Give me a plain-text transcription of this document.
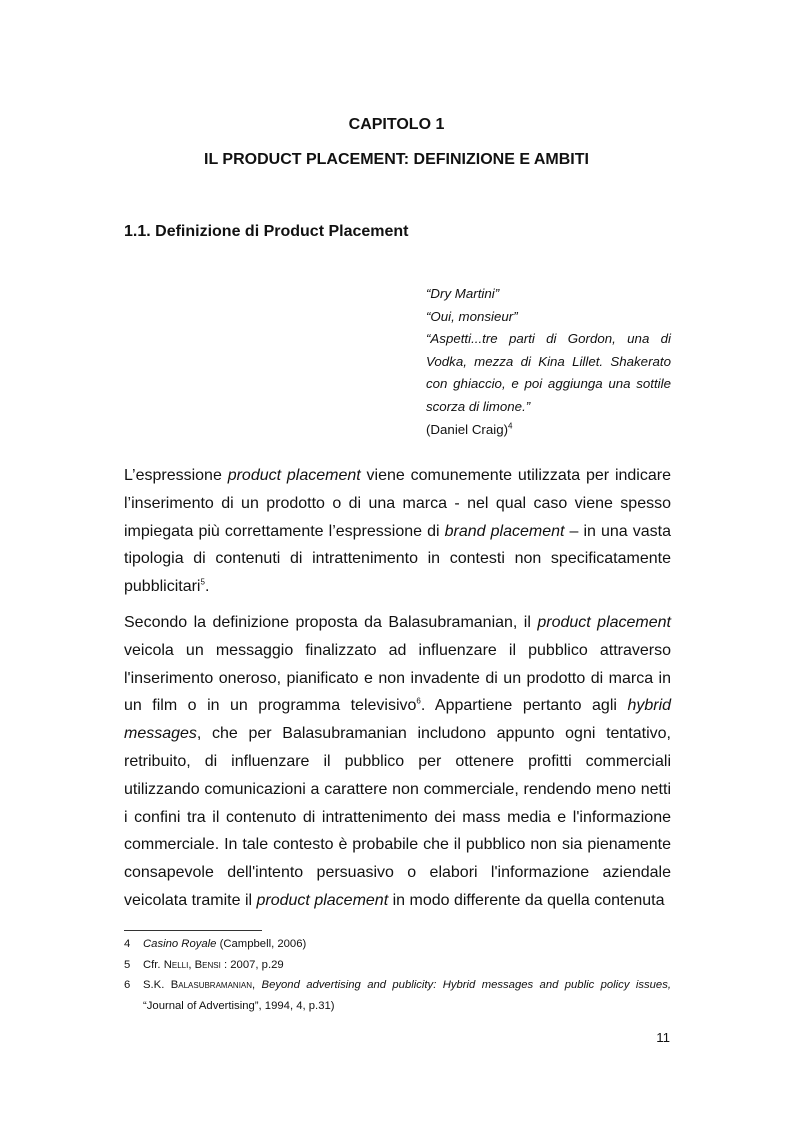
CAPITOLO 1
IL PRODUCT PLACEMENT: DEFINIZIONE E AMBITI
1.1. Definizione di Product Placement
“Dry Martini”
“Oui, monsieur”
“Aspetti...tre parti di Gordon, una di Vodka, mezza di Kina Lillet. Shakerato con ghiaccio, e poi aggiunga una sottile scorza di limone.”
(Daniel Craig)$^4$

L’espressione product placement viene comunemente utilizzata per indicare l’inserimento di un prodotto o di una marca - nel qual caso viene spesso impiegata più correttamente l’espressione di brand placement – in una vasta tipologia di contenuti di intrattenimento in contesti non specificatamente pubblicitari$^5$.

Secondo la definizione proposta da Balasubramanian, il product placement veicola un messaggio finalizzato ad influenzare il pubblico attraverso l'inserimento oneroso, pianificato e non invadente di un prodotto di marca in un film o in un programma televisivo$^6$. Appartiene pertanto agli hybrid messages, che per Balasubramanian includono appunto ogni tentativo, retribuito, di influenzare il pubblico per ottenere profitti commerciali utilizzando comunicazioni a carattere non commerciale, rendendo meno netti i confini tra il contenuto di intrattenimento dei mass media e l'informazione commerciale. In tale contesto è probabile che il pubblico non sia pienamente consapevole dell'intento persuasivo o elabori l'informazione aziendale veicolata tramite il product placement in modo differente da quella contenuta

4 Casino Royale (Campbell, 2006)
5 Cfr. Nelli, Bensi : 2007, p.29
6 S.K. Balasubramanian, Beyond advertising and publicity: Hybrid messages and public policy issues, “Journal of Advertising”, 1994, 4, p.31)
11
